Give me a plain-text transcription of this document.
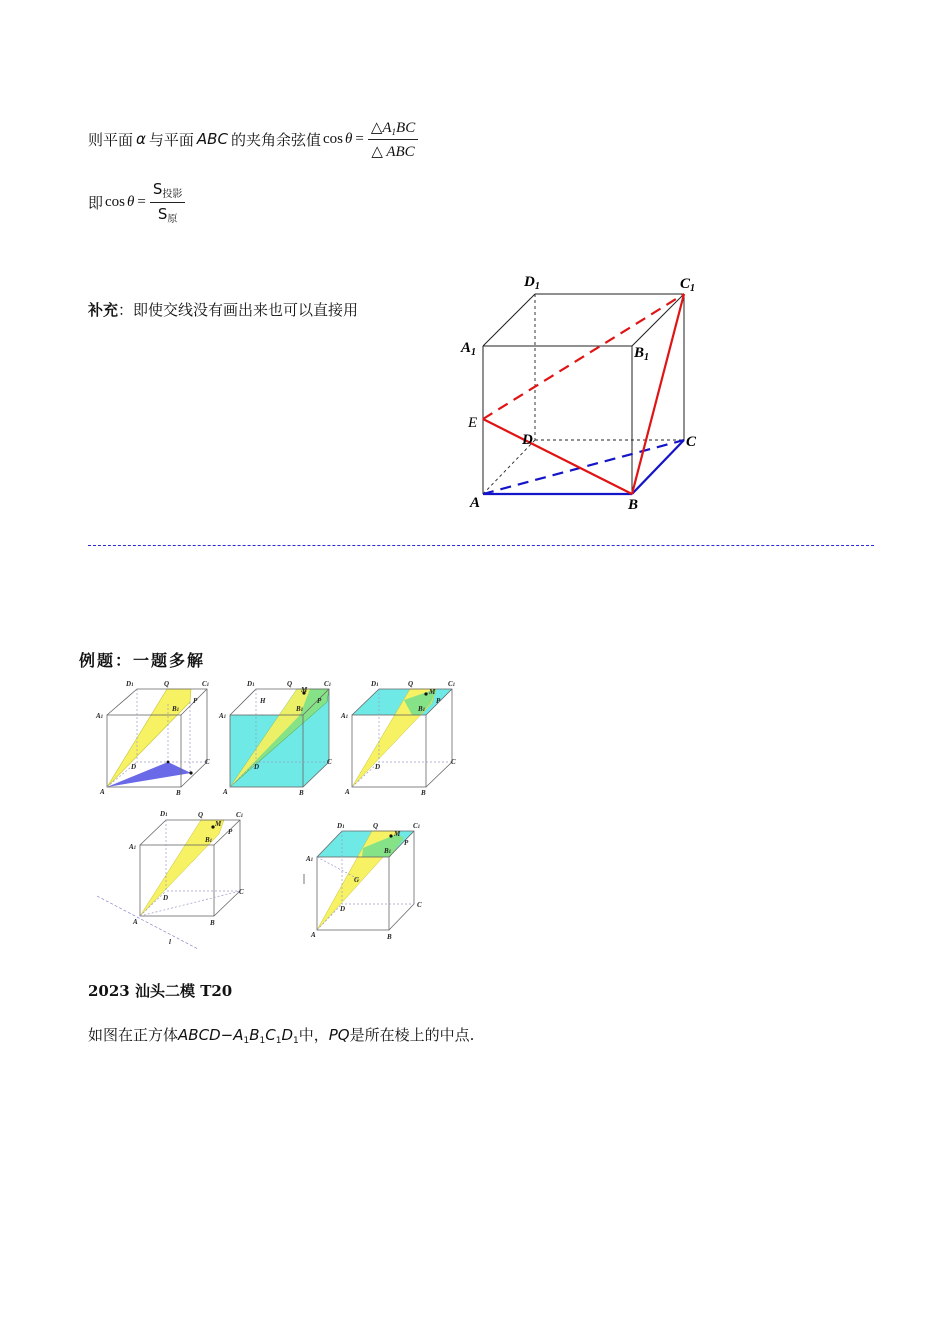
则平面 α 与平面 ABC 的夹角余弦值 $\cos \theta = \frac{\triangle A_1BC}{\text{△ ABC}}$
即 $\cos \theta = \frac{S_{投影}}{S_原}$
补充：即使交线没有画出来也可以直接用
$D_1$	$C_1$
$A_1$	$B_1$
E
D	C
A	B
例题：一题多解
D1	Q	C1
A1
B1
P
D
C
A	B
D1	Q
M
C1
H
A1
B1
P
D
C
A	B
D1	Q
M
C1
A1
B1
P
D
C
A	B
D1	Q	C1
M
P
A1
B1
C
D
A	B
l
D1	Q
M
C1
A1
B1
P
G
D	C
A	B
2023 汕头二模 T20
如图在正方体$ABCD-A_1B_1C_1D_1$中，PQ是所在棱上的中点.
